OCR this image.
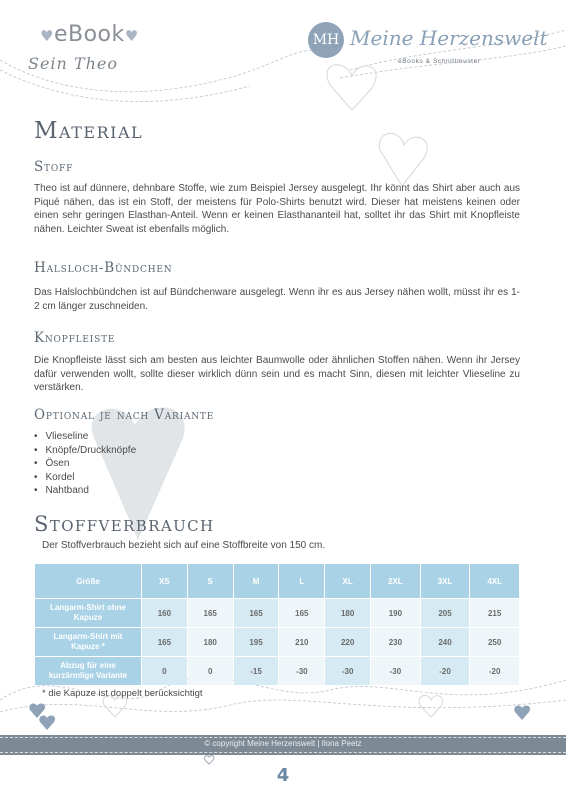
♥eBook♥
Sein Theo
MH Meine Herzenswelt
eBooks & Schnittmuster
Material
Stoff

Theo ist auf dünnere, dehnbare Stoffe, wie zum Beispiel Jersey ausgelegt. Ihr könnt das Shirt aber auch aus Piqué nähen, das ist ein Stoff, der meistens für Polo-Shirts benutzt wird. Dieser hat meistens keinen oder einen sehr geringen Elasthan-Anteil. Wenn er keinen Elasthananteil hat, solltet ihr das Shirt mit Knopfleiste nähen. Leichter Sweat ist ebenfalls möglich.

Halsloch-Bündchen

Das Halslochbündchen ist auf Bündchenware ausgelegt. Wenn ihr es aus Jersey nähen wollt, müsst ihr es 1-2 cm länger zuschneiden.

Knopfleiste

Die Knopfleiste lässt sich am besten aus leichter Baumwolle oder ähnlichen Stoffen nähen. Wenn ihr Jersey dafür verwenden wollt, sollte dieser wirklich dünn sein und es macht Sinn, diesen mit leichter Vlieseline zu verstärken.

Optional je nach Variante
• Vlieseline
• Knöpfe/Druckknöpfe
• Ösen
• Kordel
• Nahtband
Stoffverbrauch
Der Stoffverbrauch bezieht sich auf eine Stoffbreite von 150 cm.
Größe	XS	S	M	L	XL	2XL	3XL	4XL
Langarm-Shirt ohne Kapuze	160	165	165	165	180	190	205	215
Langarm-Shirt mit Kapuze *	165	180	195	210	220	230	240	250
Abzug für eine kurzärmlige Variante	0	0	-15	-30	-30	-30	-20	-20
* die Kapuze ist doppelt berücksichtigt
© copyright Meine Herzenswelt | Ilona Peetz
4
